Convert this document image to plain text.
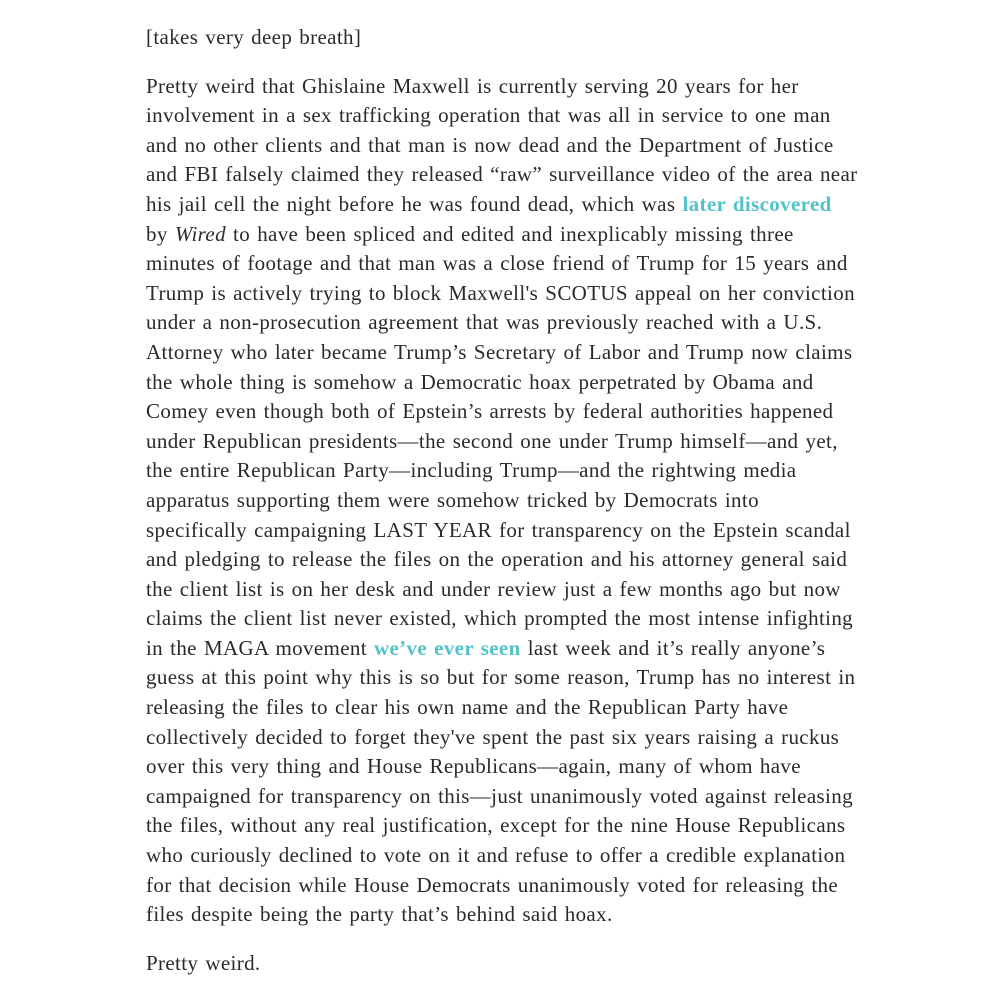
[takes very deep breath]

Pretty weird that Ghislaine Maxwell is currently serving 20 years for her involvement in a sex trafficking operation that was all in service to one man and no other clients and that man is now dead and the Department of Justice and FBI falsely claimed they released “raw” surveillance video of the area near his jail cell the night before he was found dead, which was later discovered by Wired to have been spliced and edited and inexplicably missing three minutes of footage and that man was a close friend of Trump for 15 years and Trump is actively trying to block Maxwell's SCOTUS appeal on her conviction under a non-prosecution agreement that was previously reached with a U.S. Attorney who later became Trump’s Secretary of Labor and Trump now claims the whole thing is somehow a Democratic hoax perpetrated by Obama and Comey even though both of Epstein’s arrests by federal authorities happened under Republican presidents—the second one under Trump himself—and yet, the entire Republican Party—including Trump—and the rightwing media apparatus supporting them were somehow tricked by Democrats into specifically campaigning LAST YEAR for transparency on the Epstein scandal and pledging to release the files on the operation and his attorney general said the client list is on her desk and under review just a few months ago but now claims the client list never existed, which prompted the most intense infighting in the MAGA movement we’ve ever seen last week and it’s really anyone’s guess at this point why this is so but for some reason, Trump has no interest in releasing the files to clear his own name and the Republican Party have collectively decided to forget they've spent the past six years raising a ruckus over this very thing and House Republicans—again, many of whom have campaigned for transparency on this—just unanimously voted against releasing the files, without any real justification, except for the nine House Republicans who curiously declined to vote on it and refuse to offer a credible explanation for that decision while House Democrats unanimously voted for releasing the files despite being the party that’s behind said hoax.

Pretty weird.
